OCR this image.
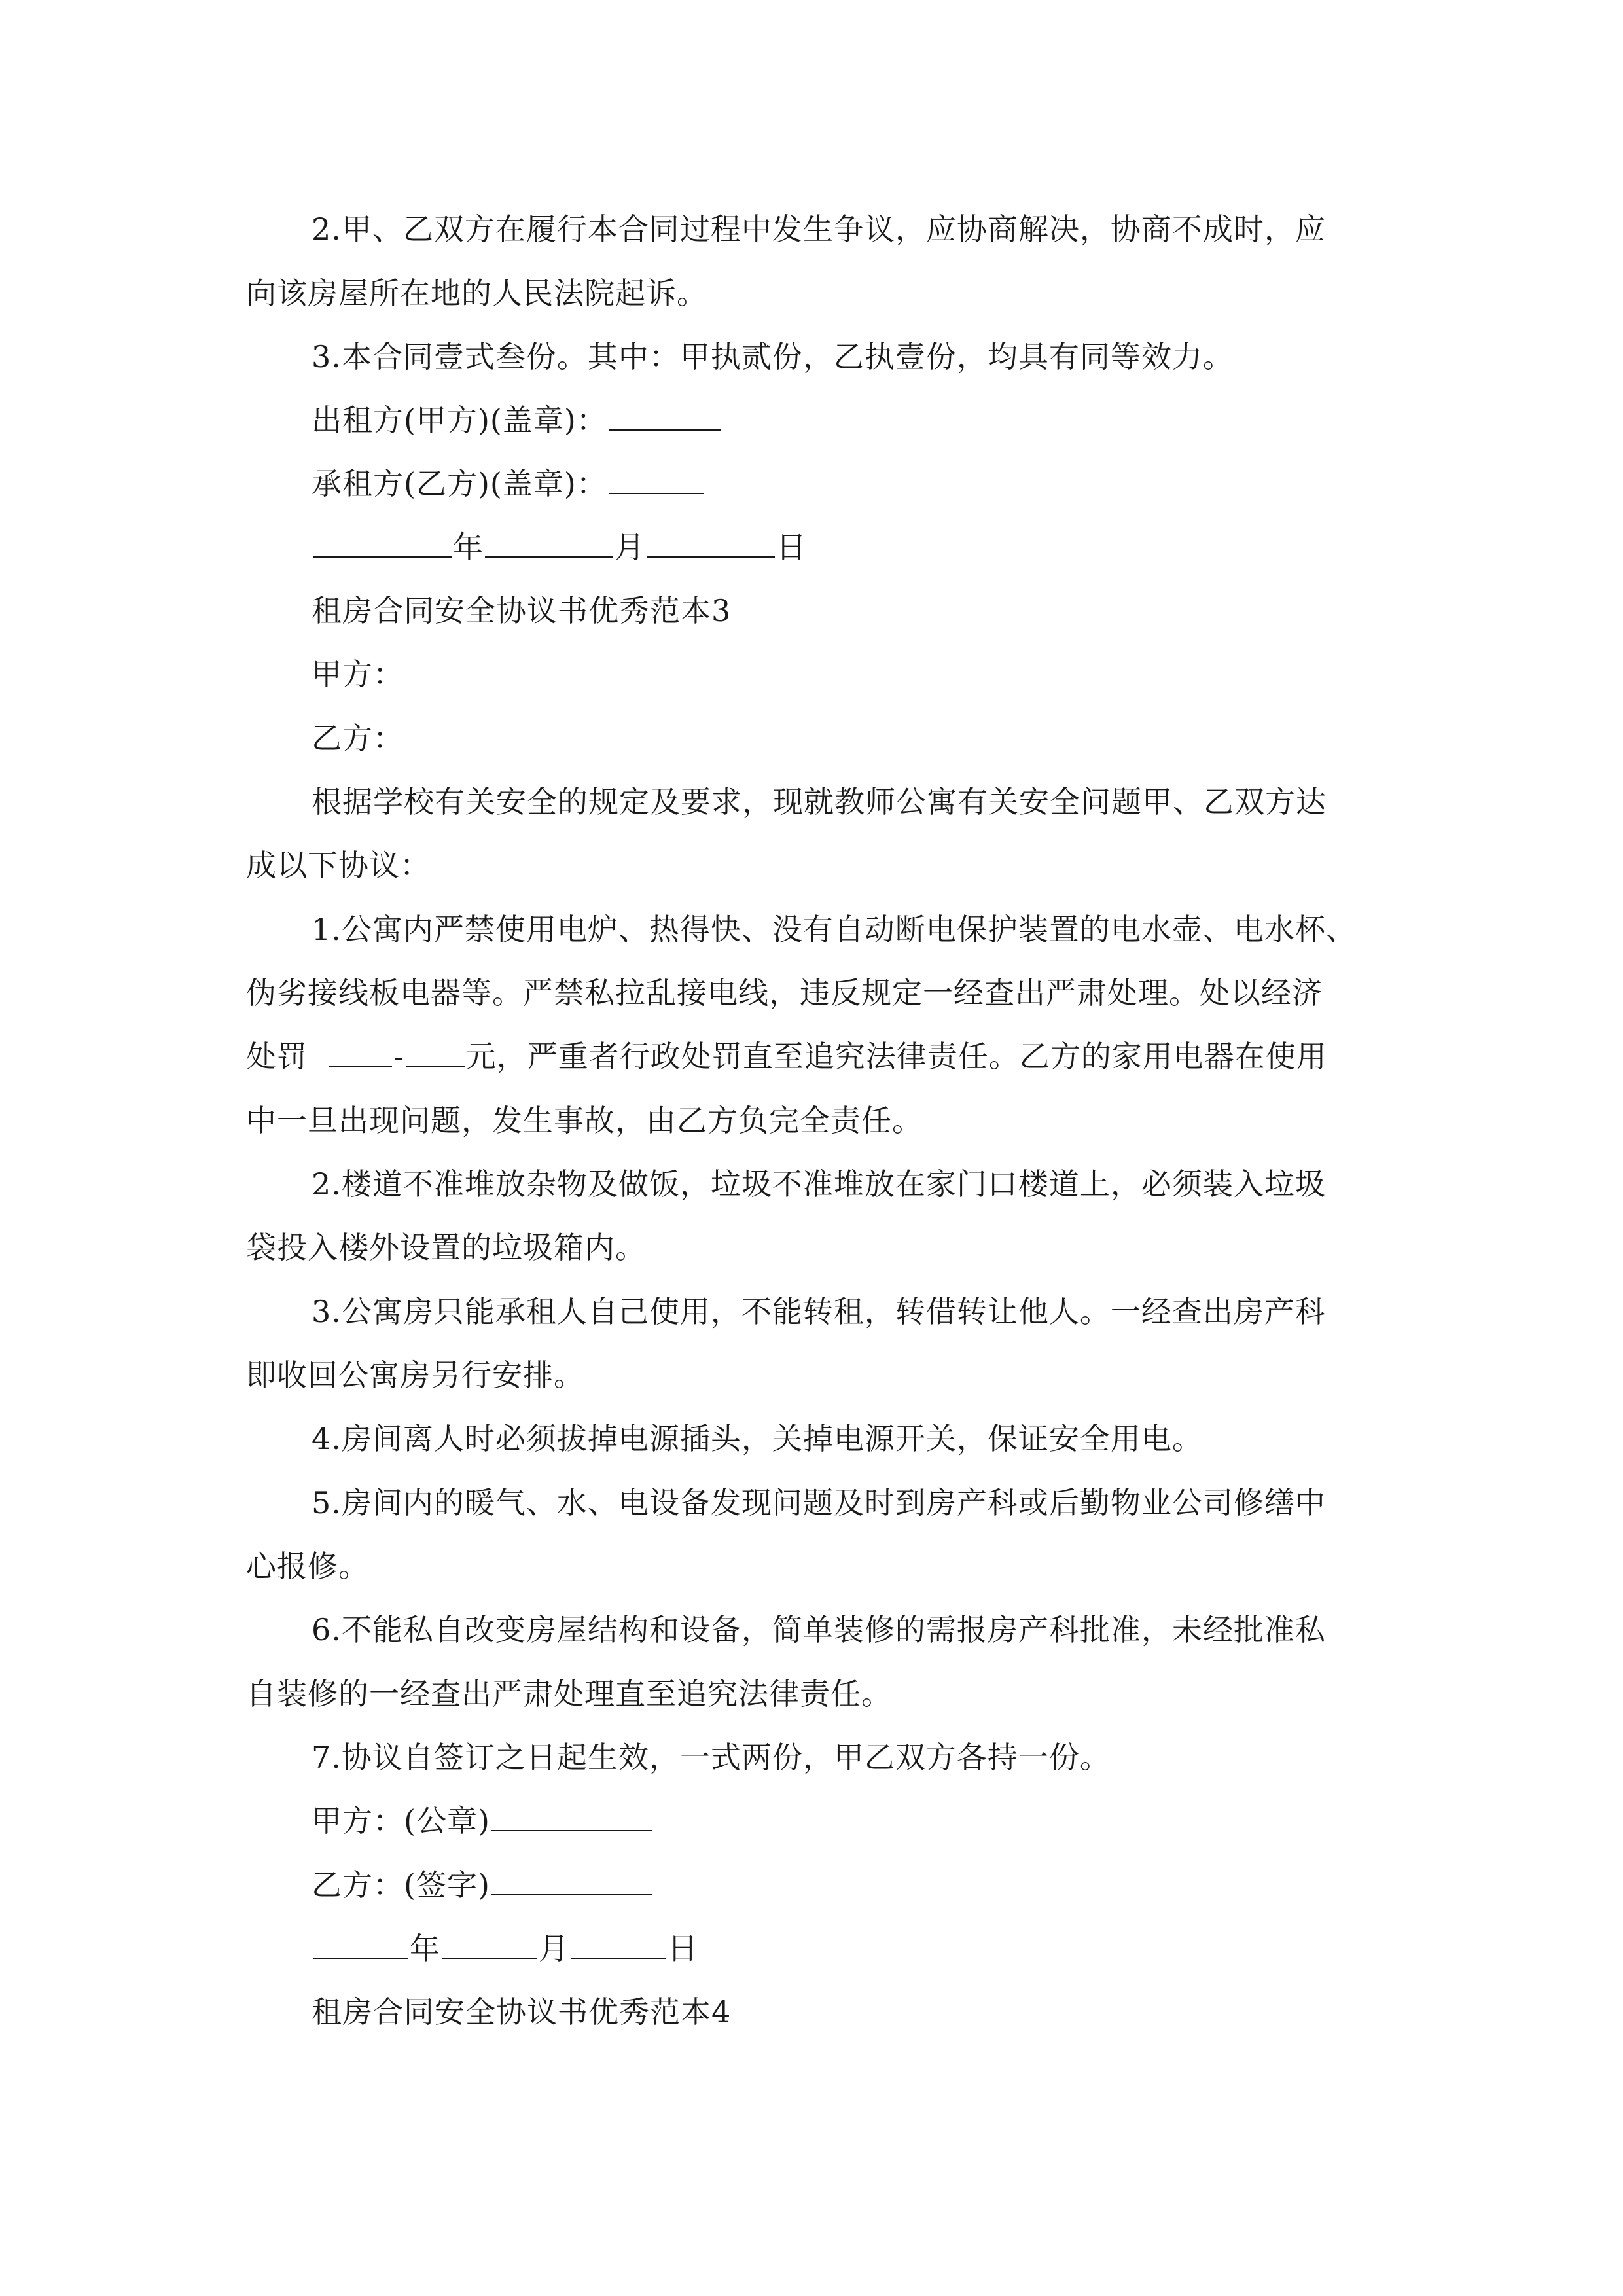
2.甲、乙双方在履行本合同过程中发生争议，应协商解决，协商不成时，应
向该房屋所在地的人民法院起诉。
3.本合同壹式叁份。其中：甲执贰份，乙执壹份，均具有同等效力。
出租方(甲方)(盖章)：
承租方(乙方)(盖章)：
年	月	日
租房合同安全协议书优秀范本3
甲方：
乙方：
根据学校有关安全的规定及要求，现就教师公寓有关安全问题甲、乙双方达
成以下协议：
1.公寓内严禁使用电炉、热得快、没有自动断电保护装置的电水壶、电水杯、
伪劣接线板电器等。严禁私拉乱接电线，违反规定一经查出严肃处理。处以经济
处罚	- 元，严重者行政处罚直至追究法律责任。乙方的家用电器在使用
中一旦出现问题，发生事故，由乙方负完全责任。
2.楼道不准堆放杂物及做饭，垃圾不准堆放在家门口楼道上，必须装入垃圾
袋投入楼外设置的垃圾箱内。
3.公寓房只能承租人自己使用，不能转租，转借转让他人。一经查出房产科
即收回公寓房另行安排。
4.房间离人时必须拔掉电源插头，关掉电源开关，保证安全用电。
5.房间内的暖气、水、电设备发现问题及时到房产科或后勤物业公司修缮中
心报修。
6.不能私自改变房屋结构和设备，简单装修的需报房产科批准，未经批准私
自装修的一经查出严肃处理直至追究法律责任。
7.协议自签订之日起生效，一式两份，甲乙双方各持一份。
甲方：(公章)
乙方：(签字)
年	月	日
租房合同安全协议书优秀范本4
